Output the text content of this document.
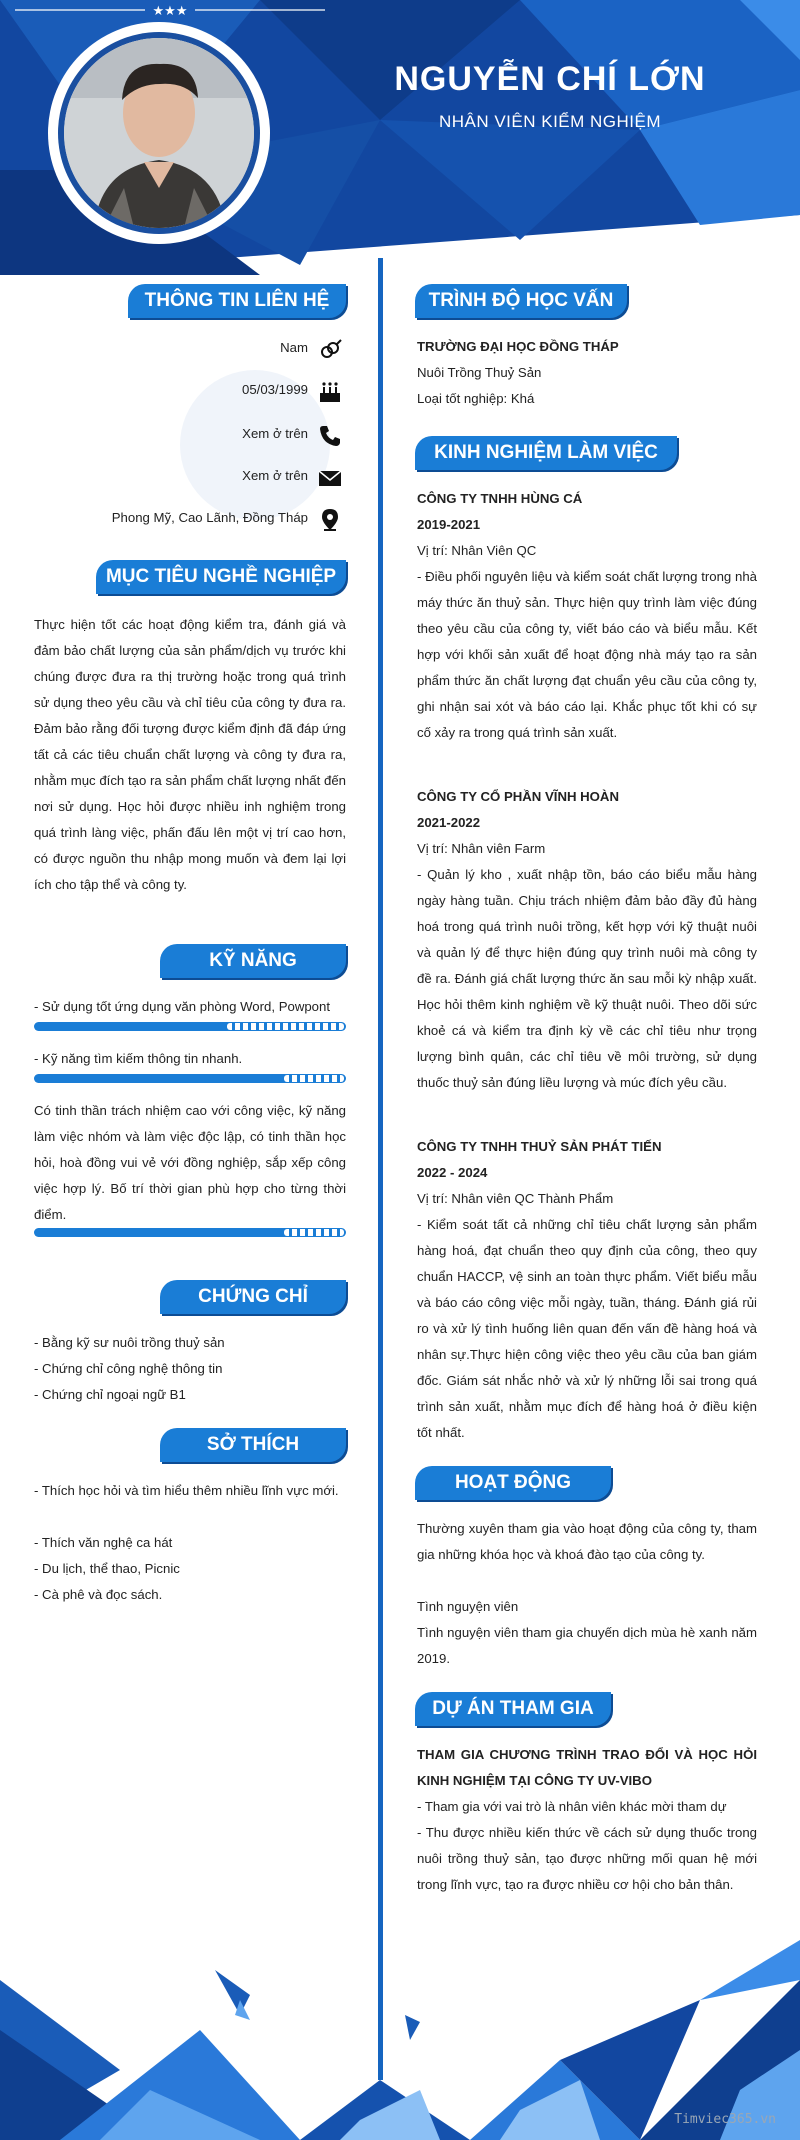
NGUYỄN CHÍ LỚN
NHÂN VIÊN KIỂM NGHIỆM
★★★
THÔNG TIN LIÊN HỆ
Nam
05/03/1999
Xem ở trên
Xem ở trên
Phong Mỹ, Cao Lãnh, Đồng Tháp
MỤC TIÊU NGHỀ NGHIỆP
Thực hiện tốt các hoạt động kiểm tra, đánh giá và đảm bảo chất lượng của sản phẩm/dịch vụ trước khi chúng được đưa ra thị trường hoặc trong quá trình sử dụng theo yêu cầu và chỉ tiêu của công ty đưa ra. Đảm bảo rằng đối tượng được kiểm định đã đáp ứng tất cả các tiêu chuẩn chất lượng và công ty đưa ra, nhằm mục đích tạo ra sản phẩm chất lượng nhất đến nơi sử dụng. Học hỏi được nhiều inh nghiệm trong quá trình làng việc, phấn đấu lên một vị trí cao hơn, có được nguồn thu nhập mong muốn và đem lại lợi ích cho tập thể và công ty.
KỸ NĂNG
- Sử dụng tốt ứng dụng văn phòng Word, Powpont
- Kỹ năng tìm kiếm thông tin nhanh.
Có tinh thần trách nhiệm cao với công việc, kỹ năng làm việc nhóm và làm việc độc lập, có tinh thần học hỏi, hoà đồng vui vẻ với đồng nghiệp, sắp xếp công việc hợp lý. Bố trí thời gian phù hợp cho từng thời điểm.
CHỨNG CHỈ
- Bằng kỹ sư nuôi trồng thuỷ sản
- Chứng chỉ công nghệ thông tin
- Chứng chỉ ngoại ngữ B1
SỞ THÍCH
- Thích học hỏi và tìm hiểu thêm nhiều lĩnh vực mới.
- Thích văn nghệ ca hát
- Du lịch, thể thao, Picnic
- Cà phê và đọc sách.
TRÌNH ĐỘ HỌC VẤN
TRƯỜNG ĐẠI HỌC ĐỒNG THÁP
Nuôi Trồng Thuỷ Sản
Loại tốt nghiệp: Khá
KINH NGHIỆM LÀM VIỆC
CÔNG TY TNHH HÙNG CÁ
2019-2021
Vị trí: Nhân Viên QC
- Điều phối nguyên liệu và kiểm soát chất lượng trong nhà máy thức ăn thuỷ sản. Thực hiện quy trình làm việc đúng theo yêu cầu của công ty, viết báo cáo và biểu mẫu. Kết hợp với khối sản xuất để hoạt động nhà máy tạo ra sản phẩm thức ăn chất lượng đạt chuẩn yêu cầu của công ty, ghi nhận sai xót và báo cáo lại. Khắc phục tốt khi có sự cố xảy ra trong quá trình sản xuất.
CÔNG TY CỔ PHẦN VĨNH HOÀN
2021-2022
Vị trí: Nhân viên Farm
- Quản lý kho , xuất nhập tồn, báo cáo biểu mẫu hàng ngày hàng tuần. Chịu trách nhiệm đảm bảo đầy đủ hàng hoá trong quá trình nuôi trồng, kết hợp với kỹ thuật nuôi và quản lý để thực hiện đúng quy trình nuôi mà công ty đề ra. Đánh giá chất lượng thức ăn sau mỗi kỳ nhập xuất. Học hỏi thêm kinh nghiệm về kỹ thuật nuôi. Theo dõi sức khoẻ cá và kiểm tra định kỳ về các chỉ tiêu như trọng lượng bình quân, các chỉ tiêu về môi trường, sử dụng thuốc thuỷ sản đúng liều lượng và múc đích yêu cầu.
CÔNG TY TNHH THUỶ SẢN PHÁT TIẾN
2022 - 2024
Vị trí: Nhân viên QC Thành Phẩm
- Kiểm soát tất cả những chỉ tiêu chất lượng sản phẩm hàng hoá, đạt chuẩn theo quy định của công, theo quy chuẩn HACCP, vệ sinh an toàn thực phẩm. Viết biểu mẫu và báo cáo công việc mỗi ngày, tuần, tháng. Đánh giá rủi ro và xử lý tình huống liên quan đến vấn đề hàng hoá và nhân sự.Thực hiện công việc theo yêu cầu của ban giám đốc. Giám sát nhắc nhở và xử lý những lỗi sai trong quá trình sản xuất, nhằm mục đích để hàng hoá ở điều kiện tốt nhất.
HOẠT ĐỘNG
Thường xuyên tham gia vào hoạt động của công ty, tham gia những khóa học và khoá đào tạo của công ty.
Tình nguyện viên
Tình nguyện viên tham gia chuyến dịch mùa hè xanh năm 2019.
DỰ ÁN THAM GIA
THAM GIA CHƯƠNG TRÌNH TRAO ĐỔI VÀ HỌC HỎI KINH NGHIỆM TẠI CÔNG TY UV-VIBO
- Tham gia với vai trò là nhân viên khác mời tham dự
- Thu được nhiều kiến thức về cách sử dụng thuốc trong nuôi trồng thuỷ sản, tạo được những mối quan hệ mới trong lĩnh vực, tạo ra được nhiều cơ hội cho bản thân.
Timviec365.vn
